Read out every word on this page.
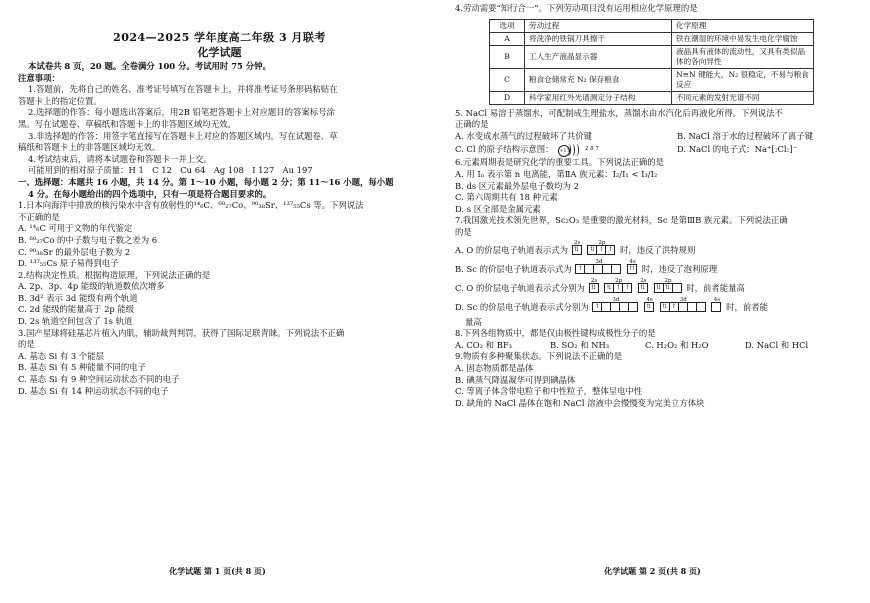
2024—2025 学年度高二年级 3 月联考
化学试题
本试卷共 8 页，20 题。全卷满分 100 分。考试用时 75 分钟。
注意事项：
1.答题前，先将自己的姓名、准考证号填写在答题卡上，并将准考证号条形码粘贴在
答题卡上的指定位置。
2.选择题的作答：每小题选出答案后，用2B 铅笔把答题卡上对应题目的答案标号涂
黑。写在试题卷、草稿纸和答题卡上的非答题区域均无效。
3.非选择题的作答：用签字笔直接写在答题卡上对应的答题区域内。写在试题卷、草
稿纸和答题卡上的非答题区域均无效。
4.考试结束后，请将本试题卷和答题卡一并上交。
可能用到的相对原子质量：H 1　C 12　Cu 64　Ag 108　I 127　Au 197
一、选择题：本题共 16 小题，共 14 分。第 1～10 小题，每小题 2 分；第 11～16 小题，每小题
4 分。在每小题给出的四个选项中，只有一项是符合题目要求的。
1.日本向海洋中排放的核污染水中含有放射性的¹⁴₆C、⁶⁰₂₇Co、⁹⁰₃₈Sr、¹³⁷₅₅Cs 等。下列说法
不正确的是
A. ¹⁴₆C 可用于文物的年代鉴定
B. ⁶⁰₂₇Co 的中子数与电子数之差为 6
C. ⁹⁰₃₈Sr 的最外层电子数为 2
D. ¹³⁷₅₅Cs 原子易得到电子
2.结构决定性质。根据构造原理，下列说法正确的是
A. 2p、3p、4p 能级的轨道数依次增多
B. 3d² 表示 3d 能级有两个轨道
C. 2d 能级的能量高于 2p 能级
D. 2s 轨道空间包含了 1s 轨道
3.国产星球将硅基芯片植入内肌，辅助裁判判罚，获得了国际足联青睐。下列说法不正确
的是
A. 基态 Si 有 3 个能层
B. 基态 Si 有 5 种能量不同的电子
C. 基态 Si 有 9 种空间运动状态不同的电子
D. 基态 Si 有 14 种运动状态不同的电子
化学试题 第 1 页(共 8 页)
4.劳动需要“知行合一”。下列劳动项目没有运用相应化学原理的是
选项	劳动过程	化学原理
A	将洗净的铁锅刀具擦干	铁在潮湿的环境中易发生电化学腐蚀
B	工人生产液晶显示器	液晶具有液体的流动性，又具有类似晶体的各向异性
C	粮食仓储常充 N₂ 保存粮食	N≡N 键能大，N₂ 很稳定，不易与粮食反应
D	科学家用红外光谱测定分子结构	不同元素的发射光谱不同
5. NaCl 易溶于蒸馏水，可配制成生理盐水，蒸馏水由水汽化后再液化所得。下列说法不
正确的是
A. 水变成水蒸气的过程破坏了共价键	B. NaCl 溶于水的过程破坏了离子键
C. Cl 的原子结构示意图： +17	$^{2 8 7}$	D. NaCl 的电子式：Na⁺[:Cl:]⁻
6.元素周期表是研究化学的重要工具。下列说法正确的是
A. 用 Iₙ 表示第 n 电离能，第ⅡA 族元素：I₂/I₁ < I₃/I₂
B. ds 区元素最外层电子数均为 2
C. 第六周期共有 18 种元素
D. s 区全部是金属元素
7.我国激光技术领先世界，Sc₂O₃ 是重要的激光材料，Sc 是第ⅢB 族元素。下列说法正确
的是
A. O 的价层电子轨道表示式为
2s
⇅
2p
⇅ ↑ ↑ 时，违反了洪特规则
B. Sc 的价层电子轨道表示式为
3d
↑
4s
⇈ 时，违反了泡利原理
C. O 的价层电子轨道表示式分别为
2s
⇅
2p
⇅ ↑ ↑
2s
⇅
2p
⇅ ⇅ 时，前者能量高
D. Sc 的价层电子轨道表示式分别为
3d
↑
4s
⇅
3d
⇅ ↑
4s
时，前者能
量高
8.下列各组物质中，都是仅由极性键构成极性分子的是
A. CO₂ 和 BF₃	B. SO₂ 和 NH₃	C. H₂O₂ 和 H₂O	D. NaCl 和 HCl
9.物质有多种聚集状态。下列说法不正确的是
A. 固态物质都是晶体
B. 碘蒸气降温凝华可得到碘晶体
C. 等离子体含带电粒子和中性粒子，整体呈电中性
D. 缺角的 NaCl 晶体在饱和 NaCl 溶液中会慢慢变为完美立方体块
化学试题 第 2 页(共 8 页)
